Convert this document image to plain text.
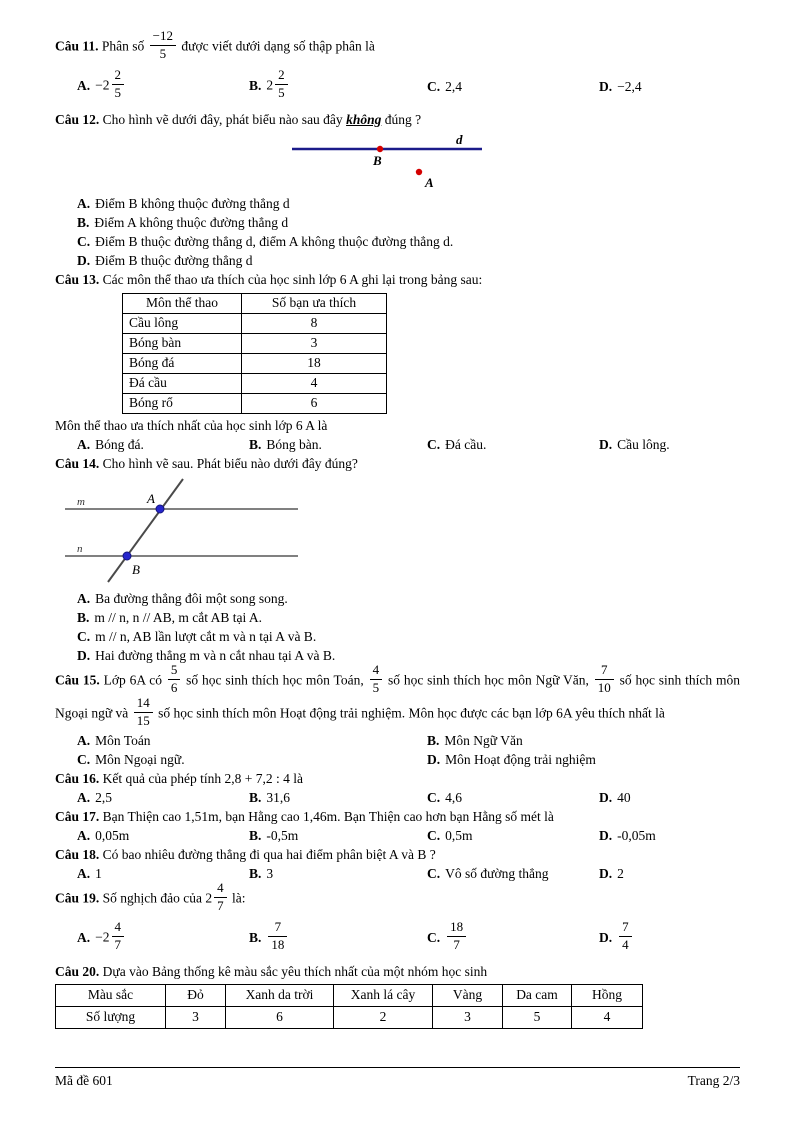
Câu 11. Phân số $\frac{-12}{5}$ được viết dưới dạng số thập phân là
A. $-2 \frac{2}{5}$	B. $2 \frac{2}{5}$	C. 2,4	D. −2,4
Câu 12. Cho hình vẽ dưới đây, phát biểu nào sau đây không đúng ?
d
B
A
A. Điểm B không thuộc đường thẳng d
B. Điểm A không thuộc đường thẳng d
C. Điểm B thuộc đường thẳng d, điểm A không thuộc đường thẳng d.
D. Điểm B thuộc đường thẳng d
Câu 13. Các môn thể thao ưa thích của học sinh lớp 6 A ghi lại trong bảng sau:
Môn thể thao	Số bạn ưa thích
Cầu lông	8
Bóng bàn	3
Bóng đá	18
Đá cầu	4
Bóng rổ	6
Môn thể thao ưa thích nhất của học sinh lớp 6 A là
A. Bóng đá.	B. Bóng bàn.	C. Đá cầu.	D. Cầu lông.
Câu 14. Cho hình vẽ sau. Phát biểu nào dưới đây đúng?
m
n
A
B
A. Ba đường thẳng đôi một song song.
B. m // n, n // AB, m cắt AB tại A.
C. m // n, AB lần lượt cắt m và n tại A và B.
D. Hai đường thẳng m và n cắt nhau tại A và B.
Câu 15. Lớp 6A có $\frac{5}{6}$ số học sinh thích học môn Toán, $\frac{4}{5}$ số học sinh thích học môn Ngữ Văn, $\frac{7}{10}$ số học sinh thích môn Ngoại ngữ và $\frac{14}{15}$ số học sinh thích môn Hoạt động trải nghiệm. Môn học được các bạn lớp 6A yêu thích nhất là
A. Môn Toán	B. Môn Ngữ Văn
C. Môn Ngoại ngữ.	D. Môn Hoạt động trải nghiệm
Câu 16. Kết quả của phép tính 2,8 + 7,2 : 4 là
A. 2,5	B. 31,6	C. 4,6	D. 40
Câu 17. Bạn Thiện cao 1,51m, bạn Hằng cao 1,46m. Bạn Thiện cao hơn bạn Hằng số mét là
A. 0,05m	B. -0,5m	C. 0,5m	D. -0,05m
Câu 18. Có bao nhiêu đường thẳng đi qua hai điểm phân biệt A và B ?
A. 1	B. 3	C. Vô số đường thẳng	D. 2
Câu 19. Số nghịch đảo của $2 \frac{4}{7}$ là:
A. $-2 \frac{4}{7}$	B. $\frac{7}{18}$	C. $\frac{18}{7}$	D. $\frac{7}{4}$
Câu 20. Dựa vào Bảng thống kê màu sắc yêu thích nhất của một nhóm học sinh
Màu sắc	Đỏ	Xanh da trời	Xanh lá cây	Vàng	Da cam	Hồng
Số lượng	3	6	2	3	5	4
Mã đề 601	Trang 2/3
